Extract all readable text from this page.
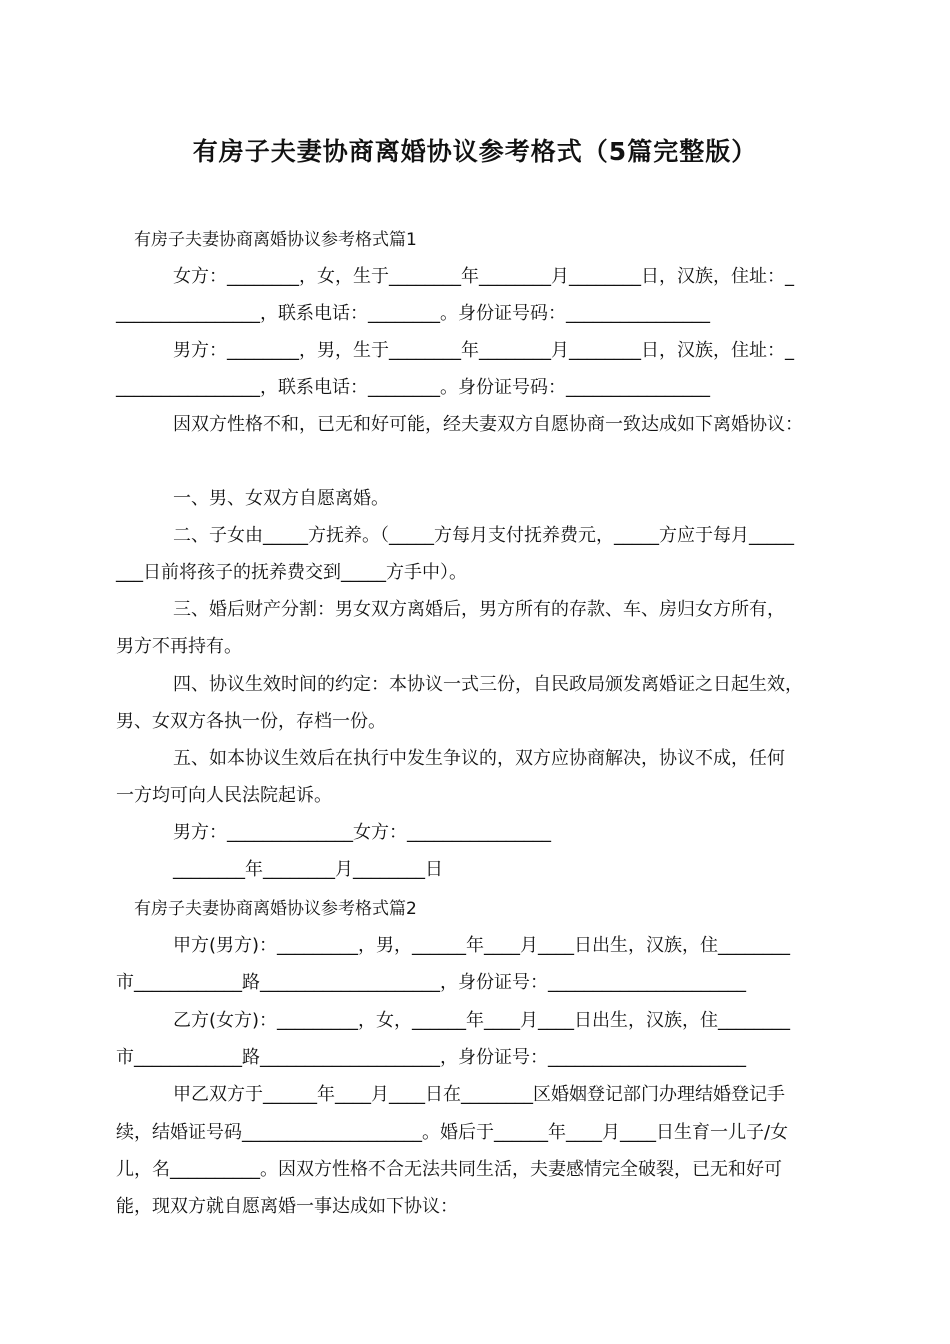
有房子夫妻协商离婚协议参考格式（5篇完整版）
有房子夫妻协商离婚协议参考格式篇1
女方：________，女，生于________年________月________日，汉族，住址：_
________________，联系电话：________。身份证号码：________________
男方：________，男，生于________年________月________日，汉族，住址：_
________________，联系电话：________。身份证号码：________________
因双方性格不和，已无和好可能，经夫妻双方自愿协商一致达成如下离婚协议：
一、男、女双方自愿离婚。
二、子女由_____方抚养。（_____方每月支付抚养费元，_____方应于每月_____
___日前将孩子的抚养费交到_____方手中）。
三、婚后财产分割：男女双方离婚后，男方所有的存款、车、房归女方所有，
男方不再持有。
四、协议生效时间的约定：本协议一式三份，自民政局颁发离婚证之日起生效，
男、女双方各执一份，存档一份。
五、如本协议生效后在执行中发生争议的，双方应协商解决，协议不成，任何
一方均可向人民法院起诉。
男方：______________女方：________________
________年________月________日
有房子夫妻协商离婚协议参考格式篇2
甲方(男方)：_________，男，______年____月____日出生，汉族，住________
市____________路____________________，身份证号：______________________
乙方(女方)：_________，女，______年____月____日出生，汉族，住________
市____________路____________________，身份证号：______________________
甲乙双方于______年____月____日在________区婚姻登记部门办理结婚登记手
续，结婚证号码____________________。婚后于______年____月____日生育一儿子/女
儿，名__________。因双方性格不合无法共同生活，夫妻感情完全破裂，已无和好可
能，现双方就自愿离婚一事达成如下协议：
